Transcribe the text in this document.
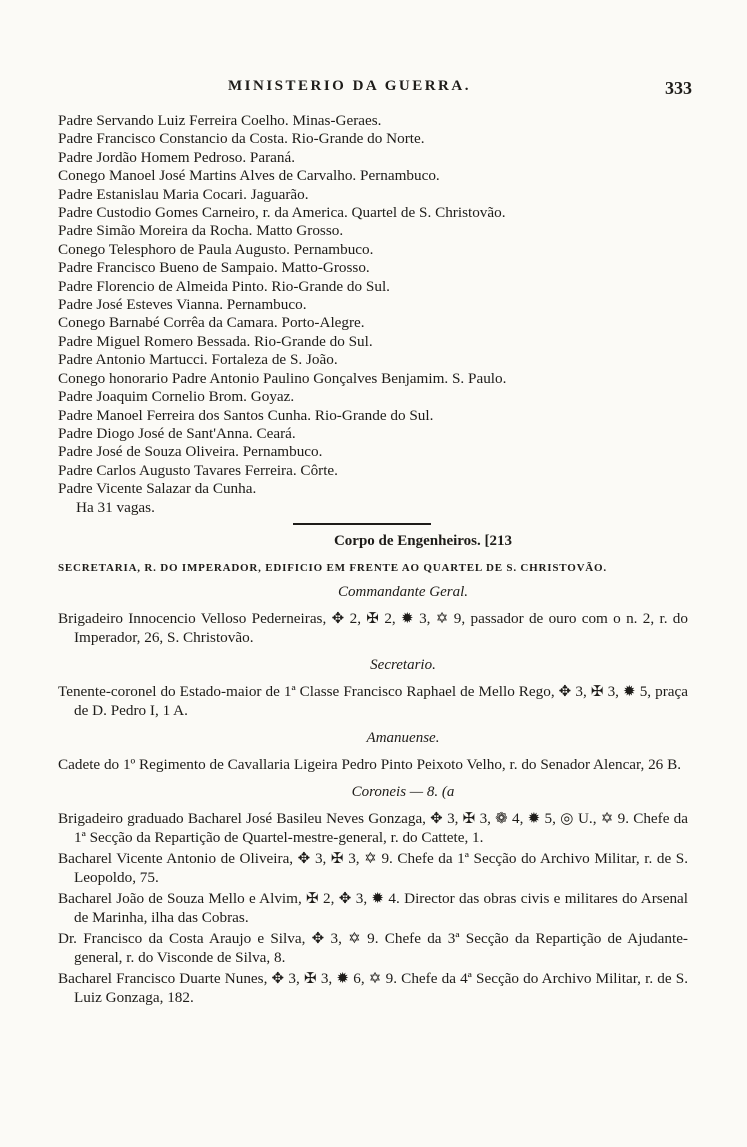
MINISTERIO DA GUERRA.	333
Padre Servando Luiz Ferreira Coelho. Minas-Geraes.
Padre Francisco Constancio da Costa. Rio-Grande do Norte.
Padre Jordão Homem Pedroso. Paraná.
Conego Manoel José Martins Alves de Carvalho. Pernambuco.
Padre Estanislau Maria Cocari. Jaguarão.
Padre Custodio Gomes Carneiro, r. da America. Quartel de S. Christovão.
Padre Simão Moreira da Rocha. Matto Grosso.
Conego Telesphoro de Paula Augusto. Pernambuco.
Padre Francisco Bueno de Sampaio. Matto-Grosso.
Padre Florencio de Almeida Pinto. Rio-Grande do Sul.
Padre José Esteves Vianna. Pernambuco.
Conego Barnabé Corrêa da Camara. Porto-Alegre.
Padre Miguel Romero Bessada. Rio-Grande do Sul.
Padre Antonio Martucci. Fortaleza de S. João.
Conego honorario Padre Antonio Paulino Gonçalves Benjamim. S. Paulo.
Padre Joaquim Cornelio Brom. Goyaz.
Padre Manoel Ferreira dos Santos Cunha. Rio-Grande do Sul.
Padre Diogo José de Sant'Anna. Ceará.
Padre José de Souza Oliveira. Pernambuco.
Padre Carlos Augusto Tavares Ferreira. Côrte.
Padre Vicente Salazar da Cunha.
Ha 31 vagas.
Corpo de Engenheiros. [213
SECRETARIA, R. DO IMPERADOR, EDIFICIO EM FRENTE AO QUARTEL DE S. CHRISTOVÃO.
Commandante Geral.
Brigadeiro Innocencio Velloso Pederneiras, ✥ 2, ✠ 2, ✹ 3, ✡ 9, passador de ouro com o n. 2, r. do Imperador, 26, S. Christovão.
Secretario.
Tenente-coronel do Estado-maior de 1ª Classe Francisco Raphael de Mello Rego, ✥ 3, ✠ 3, ✹ 5, praça de D. Pedro I, 1 A.
Amanuense.
Cadete do 1º Regimento de Cavallaria Ligeira Pedro Pinto Peixoto Velho, r. do Senador Alencar, 26 B.
Coroneis — 8. (a
Brigadeiro graduado Bacharel José Basileu Neves Gonzaga, ✥ 3, ✠ 3, ❁ 4, ✹ 5, ◎ U., ✡ 9. Chefe da 1ª Secção da Repartição de Quartel-mestre-general, r. do Cattete, 1.
Bacharel Vicente Antonio de Oliveira, ✥ 3, ✠ 3, ✡ 9. Chefe da 1ª Secção do Archivo Militar, r. de S. Leopoldo, 75.
Bacharel João de Souza Mello e Alvim, ✠ 2, ✥ 3, ✹ 4. Director das obras civis e militares do Arsenal de Marinha, ilha das Cobras.
Dr. Francisco da Costa Araujo e Silva, ✥ 3, ✡ 9. Chefe da 3ª Secção da Repartição de Ajudante-general, r. do Visconde de Silva, 8.
Bacharel Francisco Duarte Nunes, ✥ 3, ✠ 3, ✹ 6, ✡ 9. Chefe da 4ª Secção do Archivo Militar, r. de S. Luiz Gonzaga, 182.
